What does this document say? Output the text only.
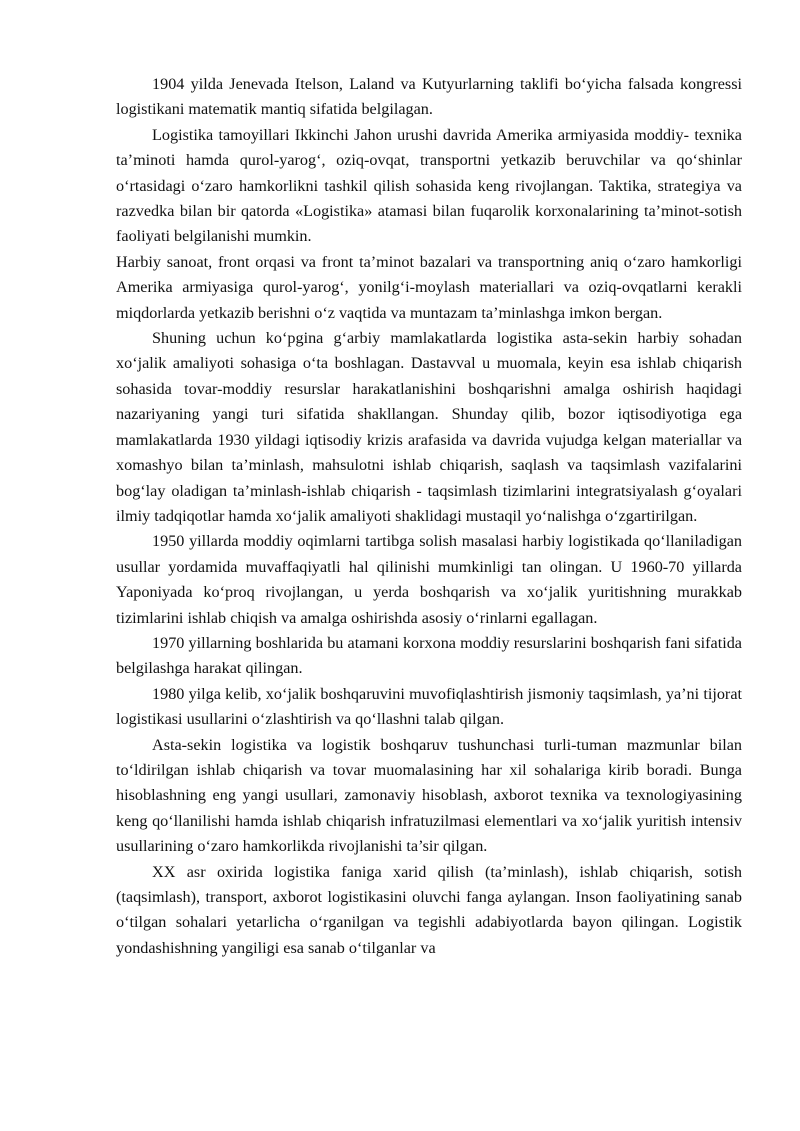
1904 yilda Jenevada Itelson, Laland va Kutyurlarning taklifi bo‘yicha falsada kongressi logistikani matematik mantiq sifatida belgilagan.

Logistika tamoyillari Ikkinchi Jahon urushi davrida Amerika armiyasida moddiy- texnika ta’minoti hamda qurol-yarog‘, oziq-ovqat, transportni yetkazib beruvchilar va qo‘shinlar o‘rtasidagi o‘zaro hamkorlikni tashkil qilish sohasida keng rivojlangan. Taktika, strategiya va razvedka bilan bir qatorda «Logistika» atamasi bilan fuqarolik korxonalarining ta’minot-sotish faoliyati belgilanishi mumkin.

Harbiy sanoat, front orqasi va front ta’minot bazalari va transportning aniq o‘zaro hamkorligi Amerika armiyasiga qurol-yarog‘, yonilg‘i-moylash materiallari va oziq-ovqatlarni kerakli miqdorlarda yetkazib berishni o‘z vaqtida va muntazam ta’minlashga imkon bergan.

Shuning uchun ko‘pgina g‘arbiy mamlakatlarda logistika asta-sekin harbiy sohadan xo‘jalik amaliyoti sohasiga o‘ta boshlagan. Dastavval u muomala, keyin esa ishlab chiqarish sohasida tovar-moddiy resurslar harakatlanishini boshqarishni amalga oshirish haqidagi nazariyaning yangi turi sifatida shakllangan. Shunday qilib, bozor iqtisodiyotiga ega mamlakatlarda 1930 yildagi iqtisodiy krizis arafasida va davrida vujudga kelgan materiallar va xomashyo bilan ta’minlash, mahsulotni ishlab chiqarish, saqlash va taqsimlash vazifalarini bog‘lay oladigan ta’minlash-ishlab chiqarish - taqsimlash tizimlarini integratsiyalash g‘oyalari ilmiy tadqiqotlar hamda xo‘jalik amaliyoti shaklidagi mustaqil yo‘nalishga o‘zgartirilgan.

1950 yillarda moddiy oqimlarni tartibga solish masalasi harbiy logistikada qo‘llaniladigan usullar yordamida muvaffaqiyatli hal qilinishi mumkinligi tan olingan. U 1960-70 yillarda Yaponiyada ko‘proq rivojlangan, u yerda boshqarish va xo‘jalik yuritishning murakkab tizimlarini ishlab chiqish va amalga oshirishda asosiy o‘rinlarni egallagan.

1970 yillarning boshlarida bu atamani korxona moddiy resurslarini boshqarish fani sifatida belgilashga harakat qilingan.

1980 yilga kelib, xo‘jalik boshqaruvini muvofiqlashtirish jismoniy taqsimlash, ya’ni tijorat logistikasi usullarini o‘zlashtirish va qo‘llashni talab qilgan.

Asta-sekin logistika va logistik boshqaruv tushunchasi turli-tuman mazmunlar bilan to‘ldirilgan ishlab chiqarish va tovar muomalasining har xil sohalariga kirib boradi. Bunga hisoblashning eng yangi usullari, zamonaviy hisoblash, axborot texnika va texnologiyasining keng qo‘llanilishi hamda ishlab chiqarish infratuzilmasi elementlari va xo‘jalik yuritish intensiv usullarining o‘zaro hamkorlikda rivojlanishi ta’sir qilgan.

XX asr oxirida logistika faniga xarid qilish (ta’minlash), ishlab chiqarish, sotish (taqsimlash), transport, axborot logistikasini oluvchi fanga aylangan. Inson faoliyatining sanab o‘tilgan sohalari yetarlicha o‘rganilgan va tegishli adabiyotlarda bayon qilingan. Logistik yondashishning yangiligi esa sanab o‘tilganlar va
